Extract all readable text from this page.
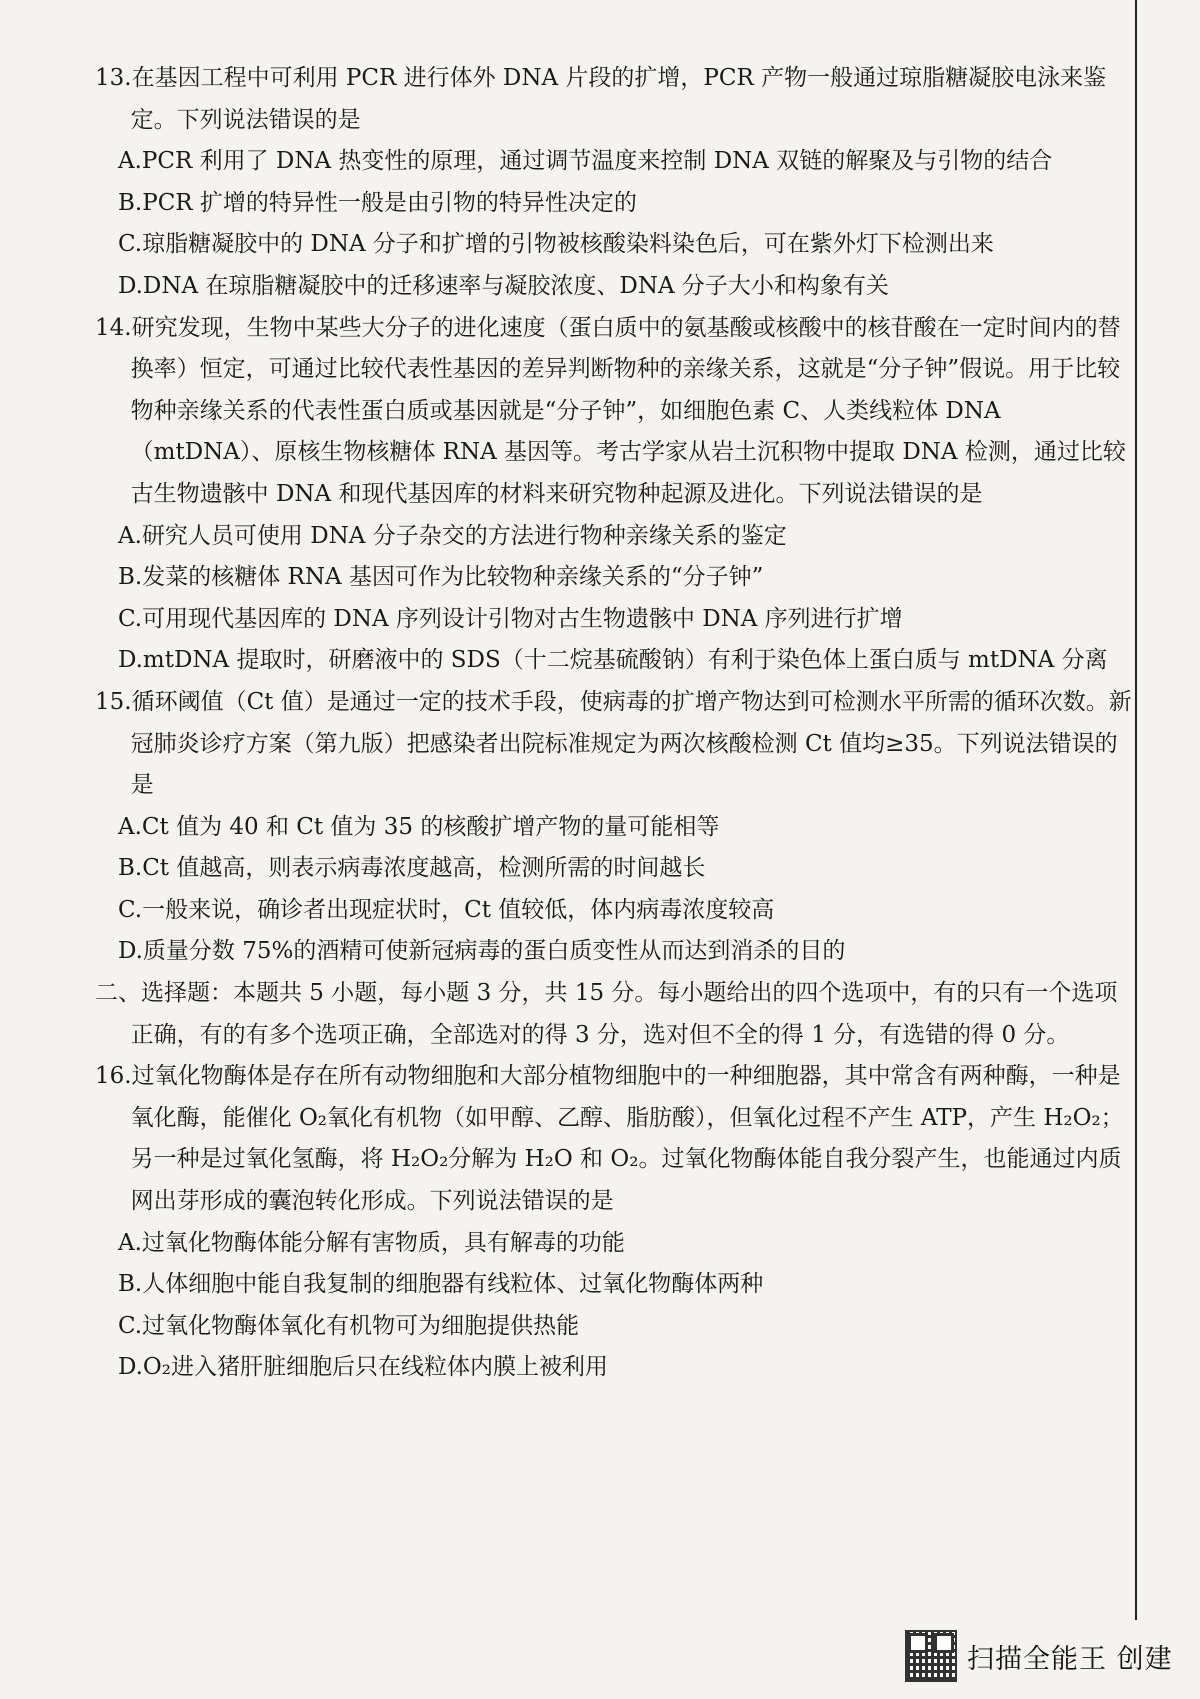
13.在基因工程中可利用 PCR 进行体外 DNA 片段的扩增，PCR 产物一般通过琼脂糖凝胶电泳来鉴定。下列说法错误的是

A.PCR 利用了 DNA 热变性的原理，通过调节温度来控制 DNA 双链的解聚及与引物的结合

B.PCR 扩增的特异性一般是由引物的特异性决定的

C.琼脂糖凝胶中的 DNA 分子和扩增的引物被核酸染料染色后，可在紫外灯下检测出来

D.DNA 在琼脂糖凝胶中的迁移速率与凝胶浓度、DNA 分子大小和构象有关

14.研究发现，生物中某些大分子的进化速度（蛋白质中的氨基酸或核酸中的核苷酸在一定时间内的替换率）恒定，可通过比较代表性基因的差异判断物种的亲缘关系，这就是“分子钟”假说。用于比较物种亲缘关系的代表性蛋白质或基因就是“分子钟”，如细胞色素 C、人类线粒体 DNA（mtDNA）、原核生物核糖体 RNA 基因等。考古学家从岩土沉积物中提取 DNA 检测，通过比较古生物遗骸中 DNA 和现代基因库的材料来研究物种起源及进化。下列说法错误的是

A.研究人员可使用 DNA 分子杂交的方法进行物种亲缘关系的鉴定

B.发菜的核糖体 RNA 基因可作为比较物种亲缘关系的“分子钟”

C.可用现代基因库的 DNA 序列设计引物对古生物遗骸中 DNA 序列进行扩增

D.mtDNA 提取时，研磨液中的 SDS（十二烷基硫酸钠）有利于染色体上蛋白质与 mtDNA 分离

15.循环阈值（Ct 值）是通过一定的技术手段，使病毒的扩增产物达到可检测水平所需的循环次数。新冠肺炎诊疗方案（第九版）把感染者出院标准规定为两次核酸检测 Ct 值均≥35。下列说法错误的是

A.Ct 值为 40 和 Ct 值为 35 的核酸扩增产物的量可能相等

B.Ct 值越高，则表示病毒浓度越高，检测所需的时间越长

C.一般来说，确诊者出现症状时，Ct 值较低，体内病毒浓度较高

D.质量分数 75%的酒精可使新冠病毒的蛋白质变性从而达到消杀的目的

二、选择题：本题共 5 小题，每小题 3 分，共 15 分。每小题给出的四个选项中，有的只有一个选项正确，有的有多个选项正确，全部选对的得 3 分，选对但不全的得 1 分，有选错的得 0 分。

16.过氧化物酶体是存在所有动物细胞和大部分植物细胞中的一种细胞器，其中常含有两种酶，一种是氧化酶，能催化 O₂氧化有机物（如甲醇、乙醇、脂肪酸），但氧化过程不产生 ATP，产生 H₂O₂；另一种是过氧化氢酶，将 H₂O₂分解为 H₂O 和 O₂。过氧化物酶体能自我分裂产生，也能通过内质网出芽形成的囊泡转化形成。下列说法错误的是

A.过氧化物酶体能分解有害物质，具有解毒的功能

B.人体细胞中能自我复制的细胞器有线粒体、过氧化物酶体两种

C.过氧化物酶体氧化有机物可为细胞提供热能

D.O₂进入猪肝脏细胞后只在线粒体内膜上被利用

扫描全能王 创建
